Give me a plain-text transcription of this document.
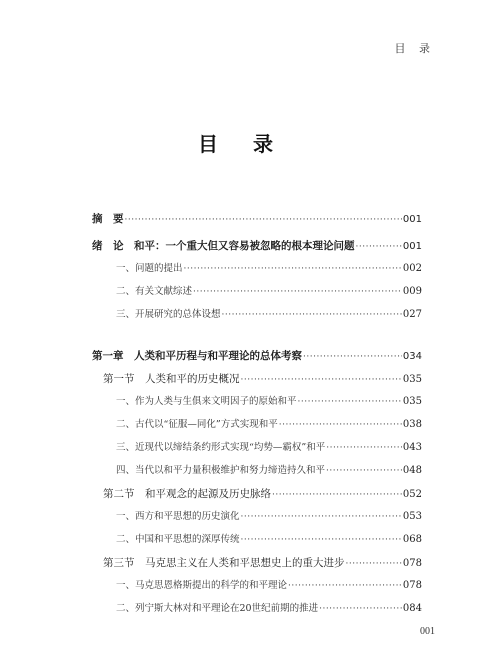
目 录
目 录
摘　要 ·····	001
绪　论　和平：一个重大但又容易被忽略的根本理论问题 ·····	001
一、问题的提出 ·····	002
二、有关文献综述 ·····	009
三、开展研究的总体设想 ·····	027
第一章　人类和平历程与和平理论的总体考察 ·····	034
第一节　人类和平的历史概况 ·····	035
一、作为人类与生俱来文明因子的原始和平 ·····	035
二、古代以“征服—同化”方式实现和平 ·····	038
三、近现代以缔结条约形式实现“均势—霸权”和平 ·····	043
四、当代以和平力量积极维护和努力缔造持久和平 ·····	048
第二节　和平观念的起源及历史脉络 ·····	052
一、西方和平思想的历史演化 ·····	053
二、中国和平思想的深厚传统 ·····	068
第三节　马克思主义在人类和平思想史上的重大进步 ·····	078
一、马克思恩格斯提出的科学的和平理论 ·····	078
二、列宁斯大林对和平理论在20世纪前期的推进 ·····	084
001
